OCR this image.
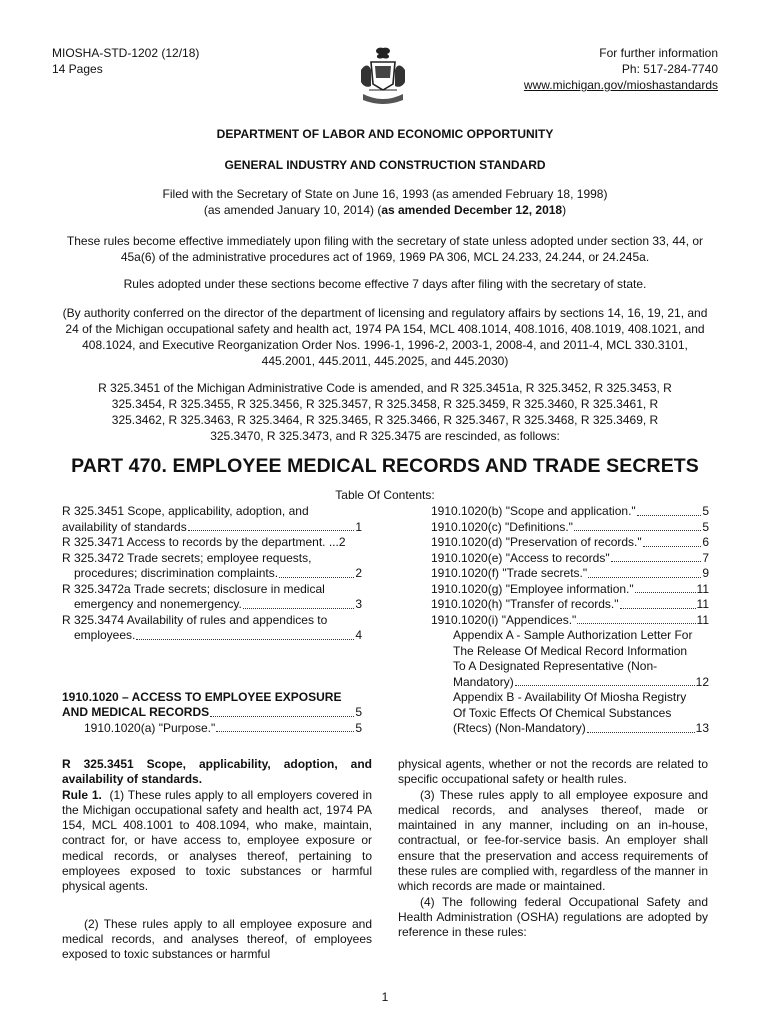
MIOSHA-STD-1202 (12/18)
14 Pages
For further information
Ph: 517-284-7740
www.michigan.gov/mioshastandards
DEPARTMENT OF LABOR AND ECONOMIC OPPORTUNITY
GENERAL INDUSTRY AND CONSTRUCTION STANDARD
Filed with the Secretary of State on June 16, 1993 (as amended February 18, 1998)
(as amended January 10, 2014) (as amended December 12, 2018)
These rules become effective immediately upon filing with the secretary of state unless adopted under section 33, 44, or 45a(6) of the administrative procedures act of 1969, 1969 PA 306, MCL 24.233, 24.244, or 24.245a.
Rules adopted under these sections become effective 7 days after filing with the secretary of state.
(By authority conferred on the director of the department of licensing and regulatory affairs by sections 14, 16, 19, 21, and 24 of the Michigan occupational safety and health act, 1974 PA 154, MCL 408.1014, 408.1016, 408.1019, 408.1021, and 408.1024, and Executive Reorganization Order Nos. 1996-1, 1996-2, 2003-1, 2008-4, and 2011-4, MCL 330.3101, 445.2001, 445.2011, 445.2025, and 445.2030)
R 325.3451 of the Michigan Administrative Code is amended, and R 325.3451a, R 325.3452, R 325.3453, R 325.3454, R 325.3455, R 325.3456, R 325.3457, R 325.3458, R 325.3459, R 325.3460, R 325.3461, R 325.3462, R 325.3463, R 325.3464, R 325.3465, R 325.3466, R 325.3467, R 325.3468, R 325.3469, R 325.3470, R 325.3473, and R 325.3475 are rescinded, as follows:
PART 470. EMPLOYEE MEDICAL RECORDS AND TRADE SECRETS
Table Of Contents:
R 325.3451 Scope, applicability, adoption, and
availability of standards	1
R 325.3471 Access to records by the department. ... 2
R 325.3472 Trade secrets; employee requests,
procedures; discrimination complaints.	2
R 325.3472a Trade secrets; disclosure in medical
emergency and nonemergency.	3
R 325.3474 Availability of rules and appendices to
employees.	4
1910.1020 – ACCESS TO EMPLOYEE EXPOSURE
AND MEDICAL RECORDS	5
1910.1020(a) "Purpose."	5
1910.1020(b) "Scope and application."	5
1910.1020(c) "Definitions."	5
1910.1020(d) "Preservation of records."	6
1910.1020(e) "Access to records"	7
1910.1020(f) "Trade secrets."	9
1910.1020(g) "Employee information."	11
1910.1020(h) "Transfer of records."	11
1910.1020(i) "Appendices."	11
Appendix A - Sample Authorization Letter For
The Release Of Medical Record Information
To A Designated Representative (Non-
Mandatory)	12
Appendix B - Availability Of Miosha Registry
Of Toxic Effects Of Chemical Substances
(Rtecs) (Non-Mandatory)	13

R 325.3451 Scope, applicability, adoption, and availability of standards.

Rule 1. (1) These rules apply to all employers covered in the Michigan occupational safety and health act, 1974 PA 154, MCL 408.1001 to 408.1094, who make, maintain, contract for, or have access to, employee exposure or medical records, or analyses thereof, pertaining to employees exposed to toxic substances or harmful physical agents.

(2) These rules apply to all employee exposure and medical records, and analyses thereof, of employees exposed to toxic substances or harmful

physical agents, whether or not the records are related to specific occupational safety or health rules.

(3) These rules apply to all employee exposure and medical records, and analyses thereof, made or maintained in any manner, including on an in-house, contractual, or fee-for-service basis. An employer shall ensure that the preservation and access requirements of these rules are complied with, regardless of the manner in which records are made or maintained.

(4) The following federal Occupational Safety and Health Administration (OSHA) regulations are adopted by reference in these rules:

1
